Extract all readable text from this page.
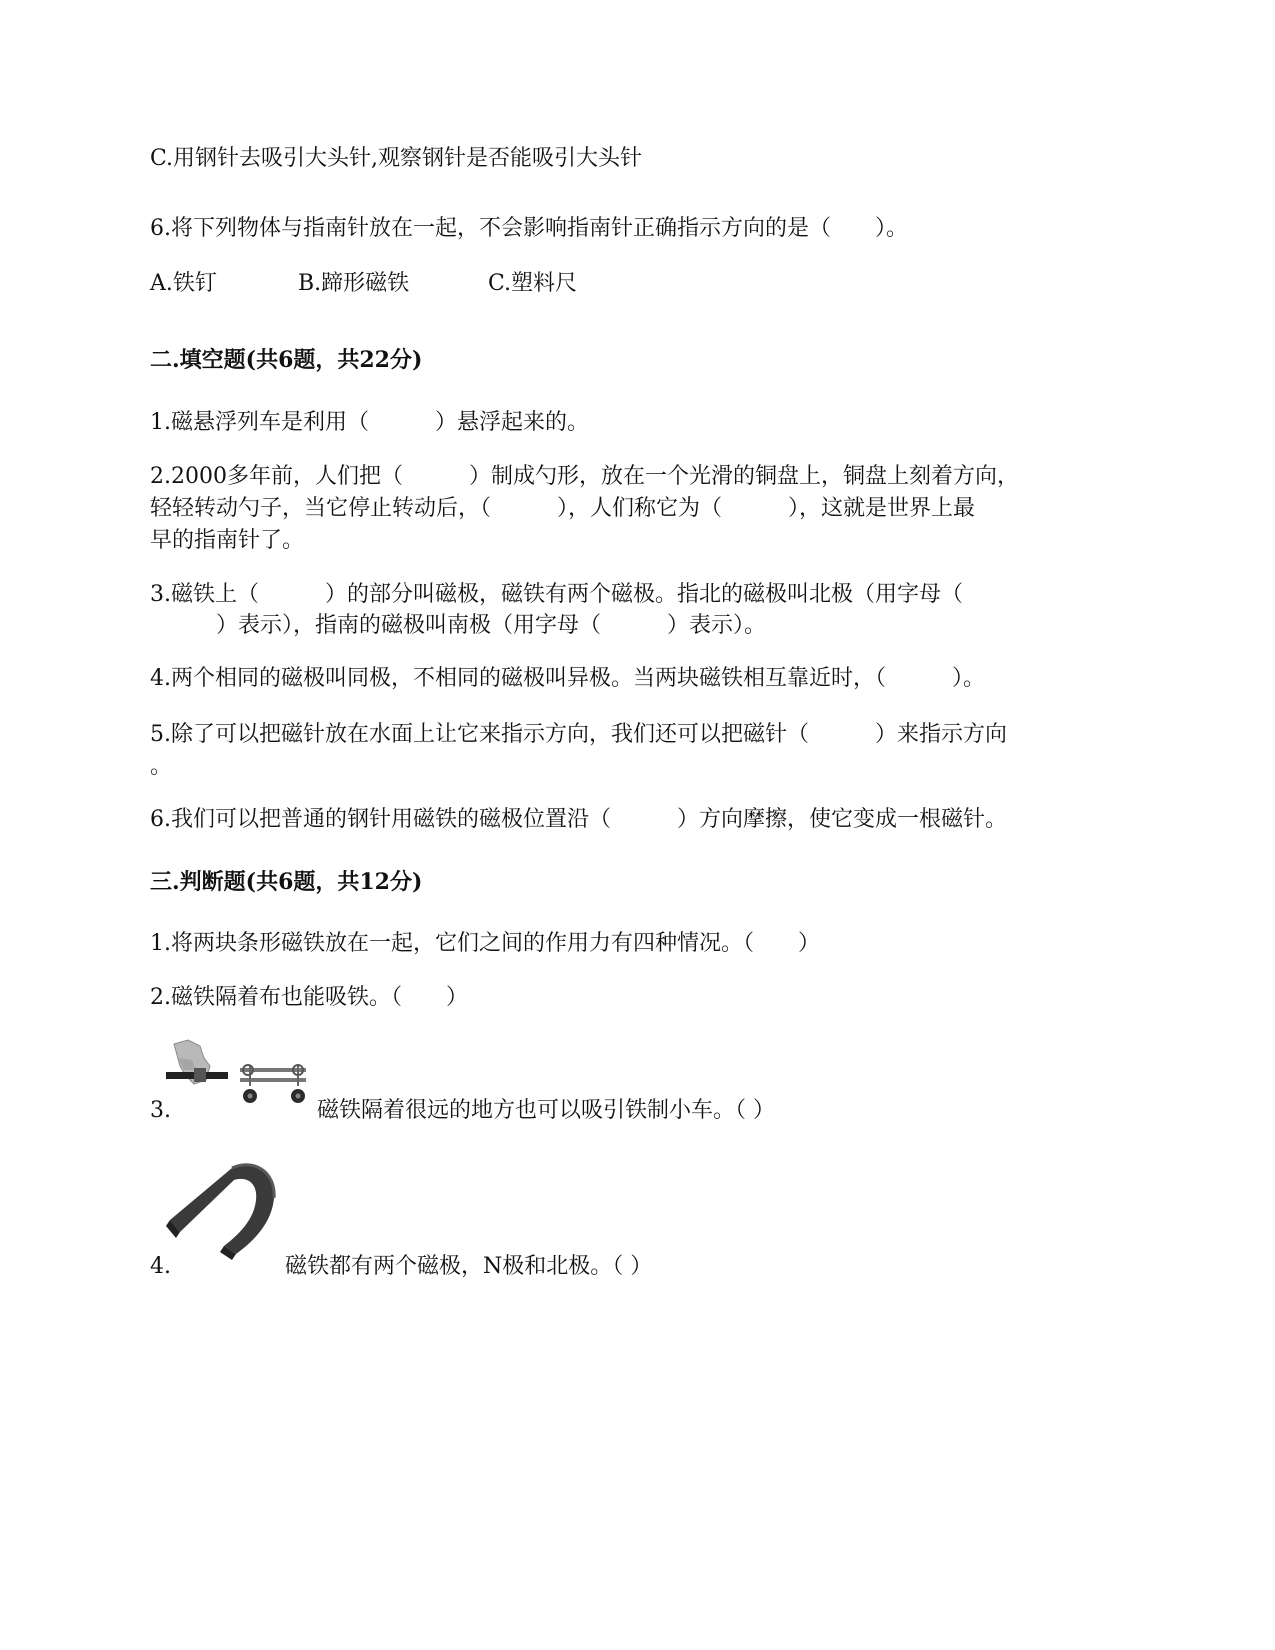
C.用钢针去吸引大头针,观察钢针是否能吸引大头针
6.将下列物体与指南针放在一起，不会影响指南针正确指示方向的是（　　）。
A.铁钉	B.蹄形磁铁	C.塑料尺
二.填空题(共6题，共22分)
1.磁悬浮列车是利用（　　　）悬浮起来的。
2.2000多年前，人们把（　　　）制成勺形，放在一个光滑的铜盘上，铜盘上刻着方向，
轻轻转动勺子，当它停止转动后，（　　　），人们称它为（　　　），这就是世界上最
早的指南针了。
3.磁铁上（　　　）的部分叫磁极，磁铁有两个磁极。指北的磁极叫北极（用字母（
　　　）表示），指南的磁极叫南极（用字母（　　　）表示）。
4.两个相同的磁极叫同极，不相同的磁极叫异极。当两块磁铁相互靠近时，（　　　）。
5.除了可以把磁针放在水面上让它来指示方向，我们还可以把磁针（　　　）来指示方向
。
6.我们可以把普通的钢针用磁铁的磁极位置沿（　　　）方向摩擦，使它变成一根磁针。
三.判断题(共6题，共12分)
1.将两块条形磁铁放在一起，它们之间的作用力有四种情况。（　　）
2.磁铁隔着布也能吸铁。（　　）
3.	磁铁隔着很远的地方也可以吸引铁制小车。（ ）
4.	磁铁都有两个磁极，N极和北极。（ ）
